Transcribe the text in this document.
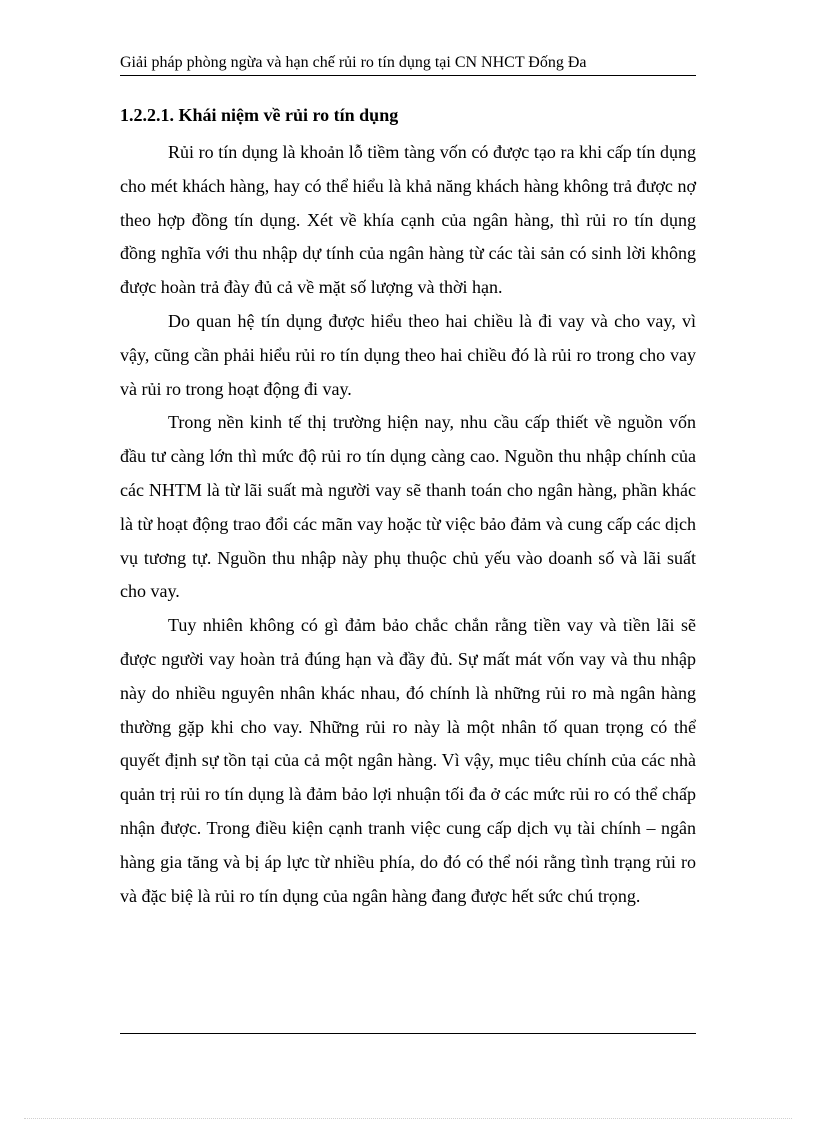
Giải pháp phòng ngừa và hạn chế rủi ro tín dụng tại CN NHCT Đống Đa
1.2.2.1. Khái niệm về rủi ro tín dụng

Rủi ro tín dụng là khoản lỗ tiềm tàng vốn có được tạo ra khi cấp tín dụng cho mét khách hàng, hay có thể hiểu là khả năng khách hàng không trả được nợ theo hợp đồng tín dụng. Xét về khía cạnh của ngân hàng, thì rủi ro tín dụng đồng nghĩa với thu nhập dự tính của ngân hàng từ các tài sản có sinh lời không được hoàn trả đày đủ cả về mặt số lượng và thời hạn.

Do quan hệ tín dụng được hiểu theo hai chiều là đi vay và cho vay, vì vậy, cũng cần phải hiểu rủi ro tín dụng theo hai chiều đó là rủi ro trong cho vay và rủi ro trong hoạt động đi vay.

Trong nền kinh tế thị trường hiện nay, nhu cầu cấp thiết về nguồn vốn đầu tư càng lớn thì mức độ rủi ro tín dụng càng cao. Nguồn thu nhập chính của các NHTM là từ lãi suất mà người vay sẽ thanh toán cho ngân hàng, phần khác là từ hoạt động trao đổi các mãn vay hoặc từ việc bảo đảm và cung cấp các dịch vụ tương tự. Nguồn thu nhập này phụ thuộc chủ yếu vào doanh số và lãi suất cho vay.

Tuy nhiên không có gì đảm bảo chắc chắn rằng tiền vay và tiền lãi sẽ được người vay hoàn trả đúng hạn và đầy đủ. Sự mất mát vốn vay và thu nhập này do nhiều nguyên nhân khác nhau, đó chính là những rủi ro mà ngân hàng thường gặp khi cho vay. Những rủi ro này là một nhân tố quan trọng có thể quyết định sự tồn tại của cả một ngân hàng. Vì vậy, mục tiêu chính của các nhà quản trị rủi ro tín dụng là đảm bảo lợi nhuận tối đa ở các mức rủi ro có thể chấp nhận được. Trong điều kiện cạnh tranh việc cung cấp dịch vụ tài chính – ngân hàng gia tăng và bị áp lực từ nhiều phía, do đó có thể nói rằng tình trạng rủi ro và đặc biệ là rủi ro tín dụng của ngân hàng đang được hết sức chú trọng.
